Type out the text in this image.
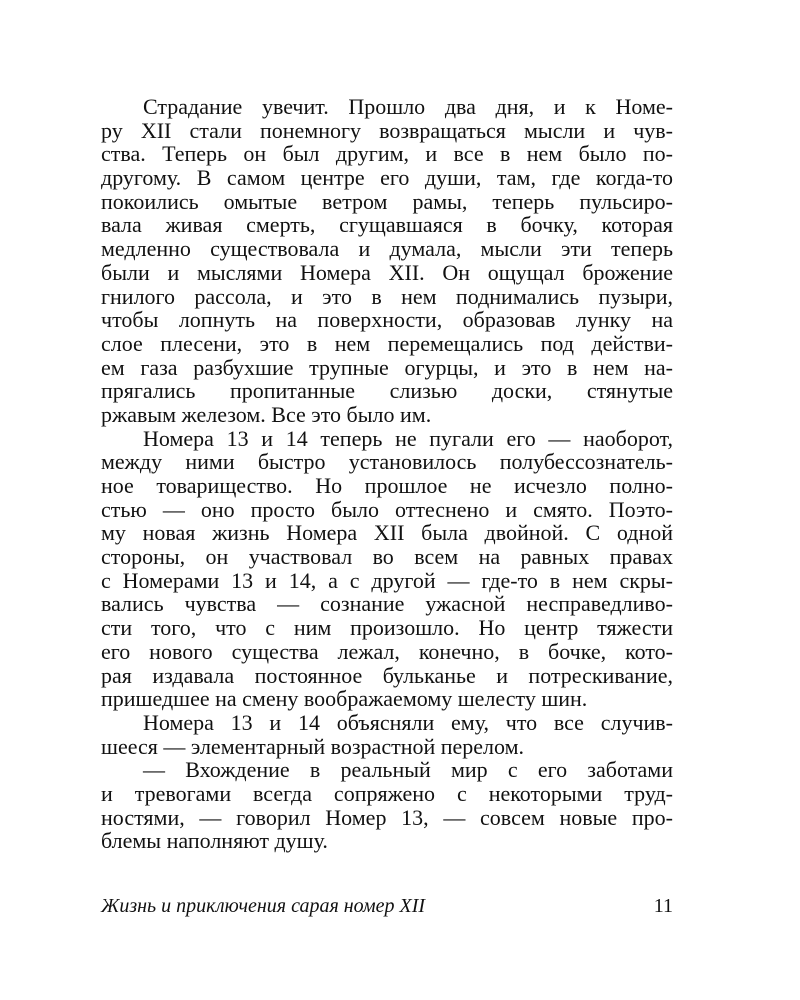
Страдание увечит. Прошло два дня, и к Номе-
ру XII стали понемногу возвращаться мысли и чув-
ства. Теперь он был другим, и все в нем было по-
другому. В самом центре его души, там, где когда-то
покоились омытые ветром рамы, теперь пульсиро-
вала живая смерть, сгущавшаяся в бочку, которая
медленно существовала и думала, мысли эти теперь
были и мыслями Номера XII. Он ощущал брожение
гнилого рассола, и это в нем поднимались пузыри,
чтобы лопнуть на поверхности, образовав лунку на
слое плесени, это в нем перемещались под действи-
ем газа разбухшие трупные огурцы, и это в нем на-
прягались пропитанные слизью доски, стянутые
ржавым железом. Все это было им.
Номера 13 и 14 теперь не пугали его — наоборот,
между ними быстро установилось полубессознатель-
ное товарищество. Но прошлое не исчезло полно-
стью — оно просто было оттеснено и смято. Поэто-
му новая жизнь Номера XII была двойной. С одной
стороны, он участвовал во всем на равных правах
с Номерами 13 и 14, а с другой — где-то в нем скры-
вались чувства — сознание ужасной несправедливо-
сти того, что с ним произошло. Но центр тяжести
его нового существа лежал, конечно, в бочке, кото-
рая издавала постоянное бульканье и потрескивание,
пришедшее на смену воображаемому шелесту шин.
Номера 13 и 14 объясняли ему, что все случив-
шееся — элементарный возрастной перелом.
— Вхождение в реальный мир с его заботами
и тревогами всегда сопряжено с некоторыми труд-
ностями, — говорил Номер 13, — совсем новые про-
блемы наполняют душу.
Жизнь и приключения сарая номер XII	11
